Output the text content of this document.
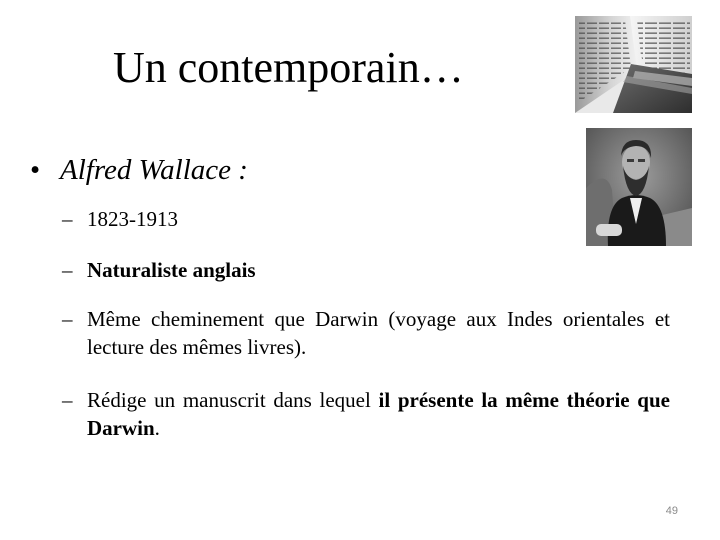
Un contemporain…
• Alfred Wallace :
– 1823-1913
– Naturaliste anglais
– Même cheminement que Darwin (voyage aux Indes orientales et lecture des mêmes livres).
– Rédige un manuscrit dans lequel il présente la même théorie que Darwin.
49
